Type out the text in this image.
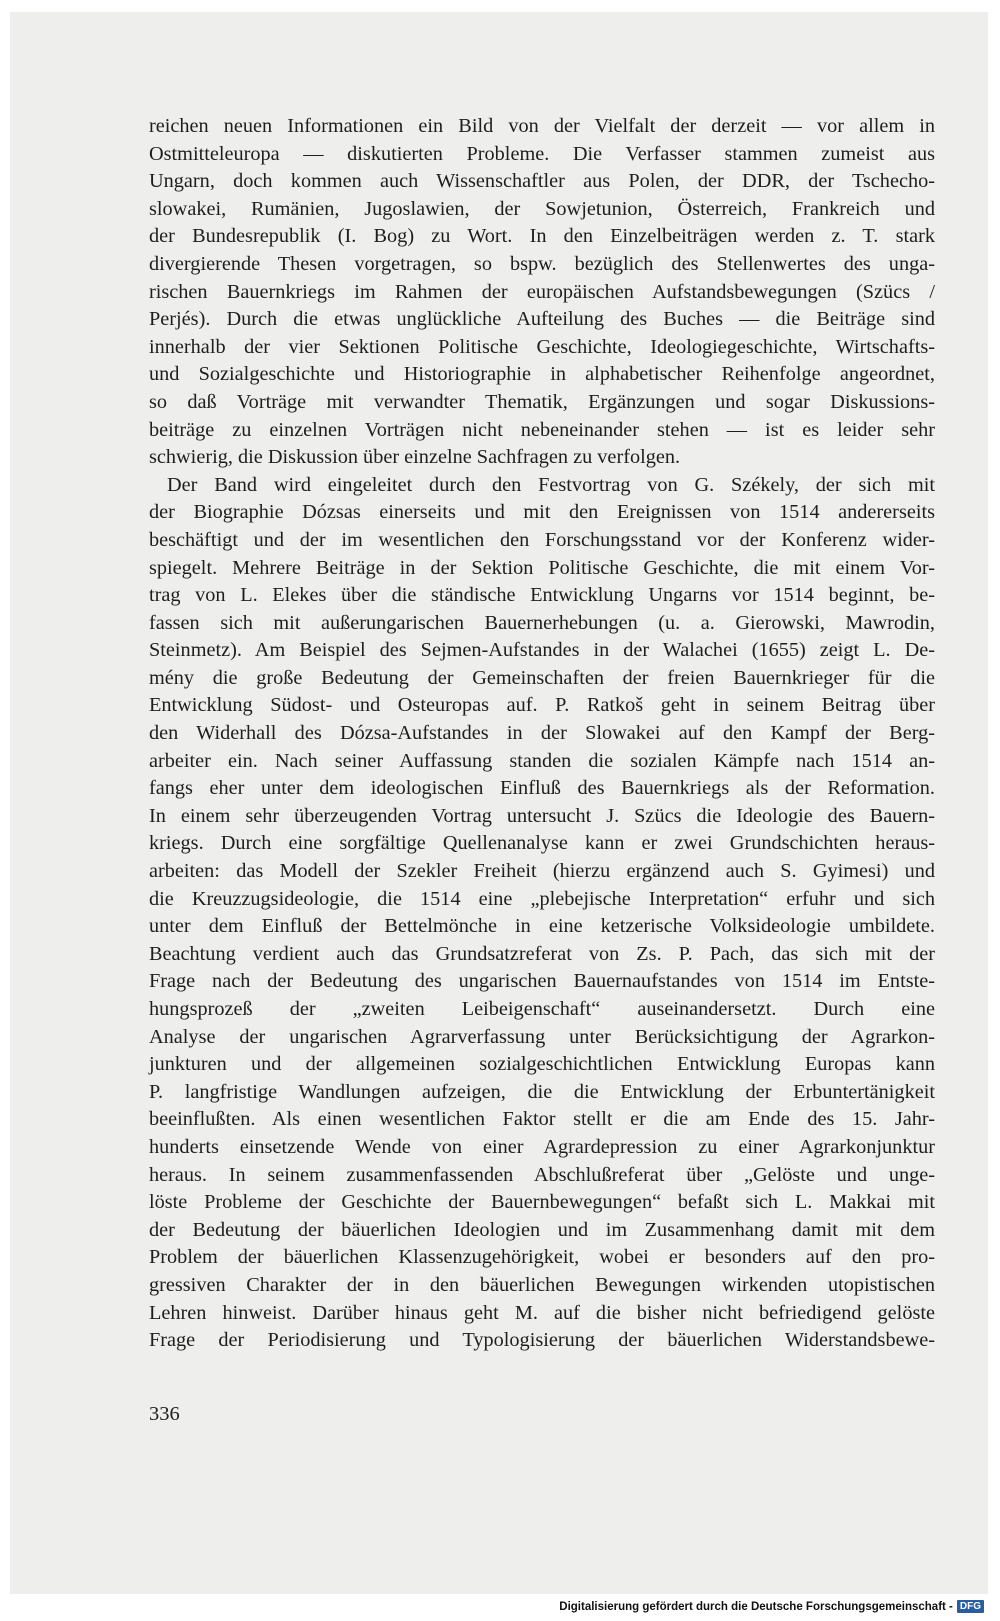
reichen neuen Informationen ein Bild von der Vielfalt der derzeit — vor allem in
Ostmitteleuropa — diskutierten Probleme. Die Verfasser stammen zumeist aus
Ungarn, doch kommen auch Wissenschaftler aus Polen, der DDR, der Tschecho-
slowakei, Rumänien, Jugoslawien, der Sowjetunion, Österreich, Frankreich und
der Bundesrepublik (I. Bog) zu Wort. In den Einzelbeiträgen werden z. T. stark
divergierende Thesen vorgetragen, so bspw. bezüglich des Stellenwertes des unga-
rischen Bauernkriegs im Rahmen der europäischen Aufstandsbewegungen (Szücs /
Perjés). Durch die etwas unglückliche Aufteilung des Buches — die Beiträge sind
innerhalb der vier Sektionen Politische Geschichte, Ideologiegeschichte, Wirtschafts-
und Sozialgeschichte und Historiographie in alphabetischer Reihenfolge angeordnet,
so daß Vorträge mit verwandter Thematik, Ergänzungen und sogar Diskussions-
beiträge zu einzelnen Vorträgen nicht nebeneinander stehen — ist es leider sehr
schwierig, die Diskussion über einzelne Sachfragen zu verfolgen.
Der Band wird eingeleitet durch den Festvortrag von G. Székely, der sich mit
der Biographie Dózsas einerseits und mit den Ereignissen von 1514 andererseits
beschäftigt und der im wesentlichen den Forschungsstand vor der Konferenz wider-
spiegelt. Mehrere Beiträge in der Sektion Politische Geschichte, die mit einem Vor-
trag von L. Elekes über die ständische Entwicklung Ungarns vor 1514 beginnt, be-
fassen sich mit außerungarischen Bauernerhebungen (u. a. Gierowski, Mawrodin,
Steinmetz). Am Beispiel des Sejmen-Aufstandes in der Walachei (1655) zeigt L. De-
mény die große Bedeutung der Gemeinschaften der freien Bauernkrieger für die
Entwicklung Südost- und Osteuropas auf. P. Ratkoš geht in seinem Beitrag über
den Widerhall des Dózsa-Aufstandes in der Slowakei auf den Kampf der Berg-
arbeiter ein. Nach seiner Auffassung standen die sozialen Kämpfe nach 1514 an-
fangs eher unter dem ideologischen Einfluß des Bauernkriegs als der Reformation.
In einem sehr überzeugenden Vortrag untersucht J. Szücs die Ideologie des Bauern-
kriegs. Durch eine sorgfältige Quellenanalyse kann er zwei Grundschichten heraus-
arbeiten: das Modell der Szekler Freiheit (hierzu ergänzend auch S. Gyimesi) und
die Kreuzzugsideologie, die 1514 eine „plebejische Interpretation“ erfuhr und sich
unter dem Einfluß der Bettelmönche in eine ketzerische Volksideologie umbildete.
Beachtung verdient auch das Grundsatzreferat von Zs. P. Pach, das sich mit der
Frage nach der Bedeutung des ungarischen Bauernaufstandes von 1514 im Entste-
hungsprozeß der „zweiten Leibeigenschaft“ auseinandersetzt. Durch eine
Analyse der ungarischen Agrarverfassung unter Berücksichtigung der Agrarkon-
junkturen und der allgemeinen sozialgeschichtlichen Entwicklung Europas kann
P. langfristige Wandlungen aufzeigen, die die Entwicklung der Erbuntertänigkeit
beeinflußten. Als einen wesentlichen Faktor stellt er die am Ende des 15. Jahr-
hunderts einsetzende Wende von einer Agrardepression zu einer Agrarkonjunktur
heraus. In seinem zusammenfassenden Abschlußreferat über „Gelöste und unge-
löste Probleme der Geschichte der Bauernbewegungen“ befaßt sich L. Makkai mit
der Bedeutung der bäuerlichen Ideologien und im Zusammenhang damit mit dem
Problem der bäuerlichen Klassenzugehörigkeit, wobei er besonders auf den pro-
gressiven Charakter der in den bäuerlichen Bewegungen wirkenden utopistischen
Lehren hinweist. Darüber hinaus geht M. auf die bisher nicht befriedigend gelöste
Frage der Periodisierung und Typologisierung der bäuerlichen Widerstandsbewe-
336
Digitalisierung gefördert durch die Deutsche Forschungsgemeinschaft - DFG
